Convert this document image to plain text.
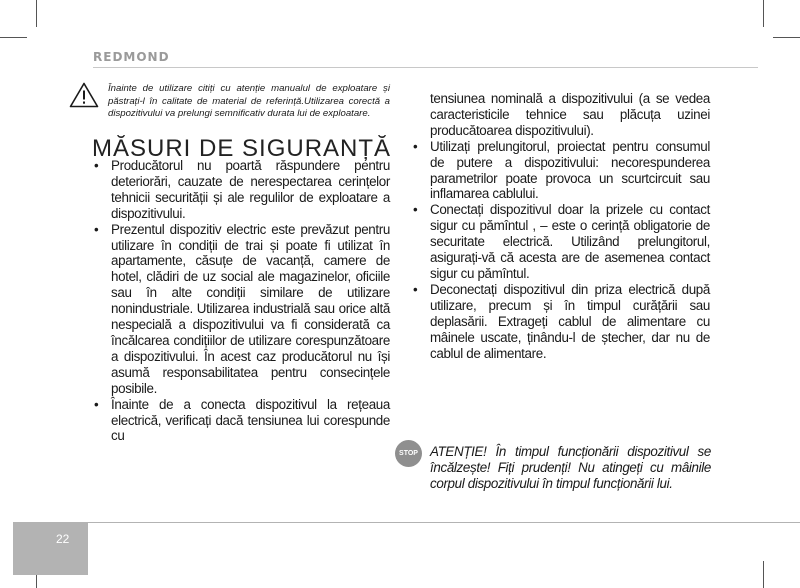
REDMOND
Înainte de utilizare citiți cu atenție manualul de exploatare și păstrați-l în calitate de material de referință.Utilizarea corectă a dispozitivului va prelungi semnificativ durata lui de exploatare.
MĂSURI DE SIGURANȚĂ
• Producătorul nu poartă răspundere pentru deteriorări, cauzate de nerespectarea cerințelor tehnicii securității și ale regulilor de exploatare a dispozitivului.
• Prezentul dispozitiv electric este prevăzut pentru utilizare în condiții de trai și poate fi utilizat în apartamente, căsuțe de vacanță, camere de hotel, clădiri de uz social ale magazinelor, oficiile sau în alte condiții similare de utilizare nonindustriale. Utilizarea industrială sau orice altă nespecială a dispozitivului va fi considerată ca încălcarea condițiilor de utilizare corespunzătoare a dispozitivului. În acest caz producătorul nu își asumă responsabilitatea pentru consecințele posibile.
• Înainte de a conecta dispozitivul la rețeaua electrică, verificați dacă tensiunea lui corespunde cu
tensiunea nominală a dispozitivului (a se vedea caracteristicile tehnice sau plăcuța uzinei producătoarea dispozitivului).
• Utilizați prelungitorul, proiectat pentru consumul de putere a dispozitivului: necorespunderea parametrilor poate provoca un scurtcircuit sau inflamarea cablului.
• Conectați dispozitivul doar la prizele cu contact sigur cu pămîntul , – este o cerință obligatorie de securitate electrică. Utilizând prelungitorul, asigurați-vă că acesta are de asemenea contact sigur cu pămîntul.
• Deconectați dispozitivul din priza electrică după utilizare, precum și în timpul curățării sau deplasării. Extrageți cablul de alimentare cu mâinele uscate, ținându-l de ștecher, dar nu de cablul de alimentare.
STOP ATENȚIE! În timpul funcționării dispozitivul se încălzește! Fiți prudenți! Nu atingeți cu mâinile corpul dispozitivului în timpul funcționării lui.
22
